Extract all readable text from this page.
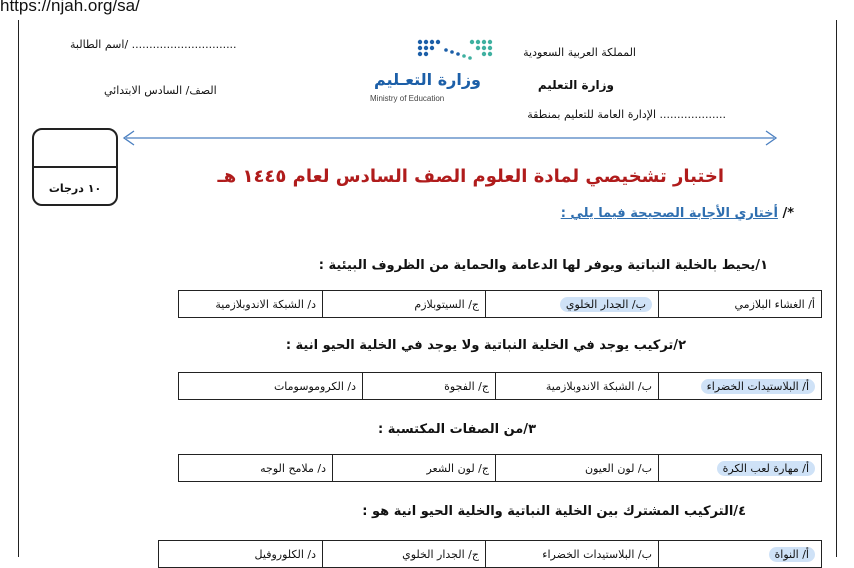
https://njah.org/sa/
المملكة العربية السعودية
وزارة التعليم
الإدارة العامة للتعليم بمنطقة ...................
اسم الطالبة/ ..............................
الصف/ السادس الابتدائي
وزارة التعـليم
Ministry of Education
١٠ درجات
اختبار تشخيصي لمادة العلوم الصف السادس لعام ١٤٤٥ هـ
*/ أختاري الأجابة الصحيحة فيما يلي :
١/يحيط بالخلية النباتية ويوفر لها الدعامة والحماية من الظروف البيئية :
أ/ الغشاء البلازمي	ب/ الجدار الخلوي	ج/ السيتوبلازم	د/ الشبكة الاندوبلازمية
٢/تركيب يوجد في الخلية النباتية ولا يوجد في الخلية الحيو انية :
أ/ البلاستيدات الخضراء	ب/ الشبكة الاندوبلازمية	ج/ الفجوة	د/ الكروموسومات
٣/من الصفات المكتسبة :
أ/ مهارة لعب الكرة	ب/ لون العيون	ج/ لون الشعر	د/ ملامح الوجه
٤/التركيب المشترك بين الخلية النباتية والخلية الحيو انية هو :
أ/ النواة	ب/ البلاستيدات الخضراء	ج/ الجدار الخلوي	د/ الكلوروفيل
